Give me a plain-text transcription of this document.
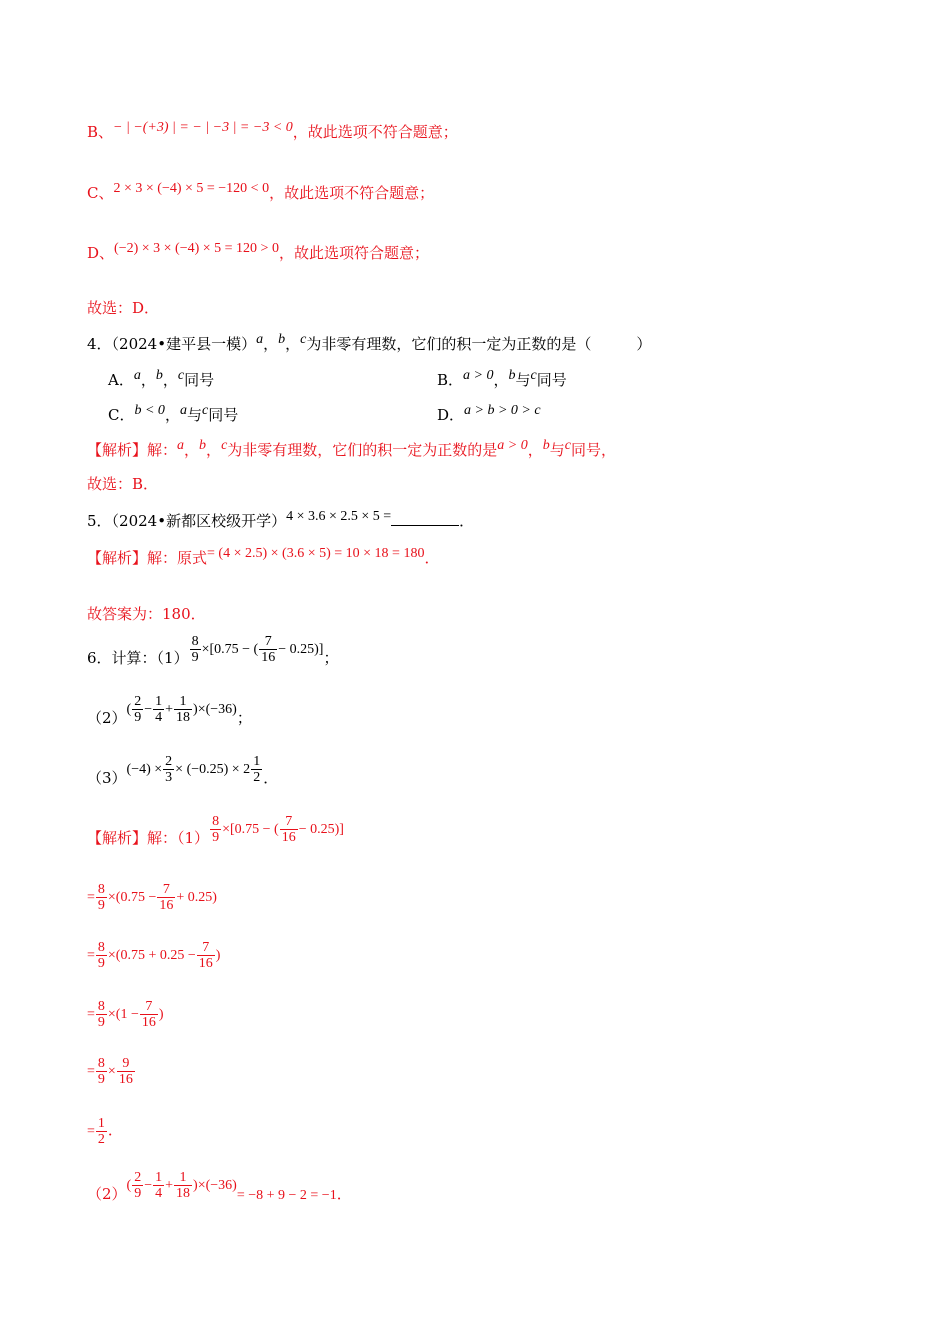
B、− | −(+3) | = − | −3 | = −3 < 0，故此选项不符合题意；
C、2 × 3 × (−4) × 5 = −120 < 0，故此选项不符合题意；
D、(−2) × 3 × (−4) × 5 = 120 > 0，故此选项符合题意；
故选：D．
4．（2024•建平县一模）a，b，c为非零有理数，它们的积一定为正数的是（　　　）
A．a，b，c同号	B．a > 0，b与c同号
C．b < 0，a与c同号	D．a > b > 0 > c
【解析】解：a，b，c为非零有理数，它们的积一定为正数的是a > 0，b与c同号，
故选：B．
5．（2024•新都区校级开学）4 × 3.6 × 2.5 × 5 =	．
【解析】解：原式= (4 × 2.5) × (3.6 × 5) = 10 × 18 = 180．
故答案为：180．
6．计算：$(1) \frac{8}{9} \times[0.75$ − ( $\frac{7}{16} - 0.25$)]；
$(2)( \frac{2}{9} - \frac{1}{4} + \frac{1}{18} )\times(-36)$；
$(3)(-4) \times \frac{2}{3} \times (-0.25) \times 2 \frac{1}{2}$ ．
【解析】解：$(1) \frac{8}{9} \times[0.75$ − ( $\frac{7}{16} - 0.25$)]
= $\frac{8}{9} \times(0.75 - \frac{7}{16} + 0.25)$
= $\frac{8}{9} \times(0.75 + 0.25 - \frac{7}{16}$ )
= $\frac{8}{9} \times(1 - \frac{7}{16}$ )
= $\frac{8}{9} \times \frac{9}{16}$
= $\frac{1}{2}$ ．
$(2)( \frac{2}{9} - \frac{1}{4} + \frac{1}{18} )\times(-36)= -8 + 9 - 2 = -1$．
